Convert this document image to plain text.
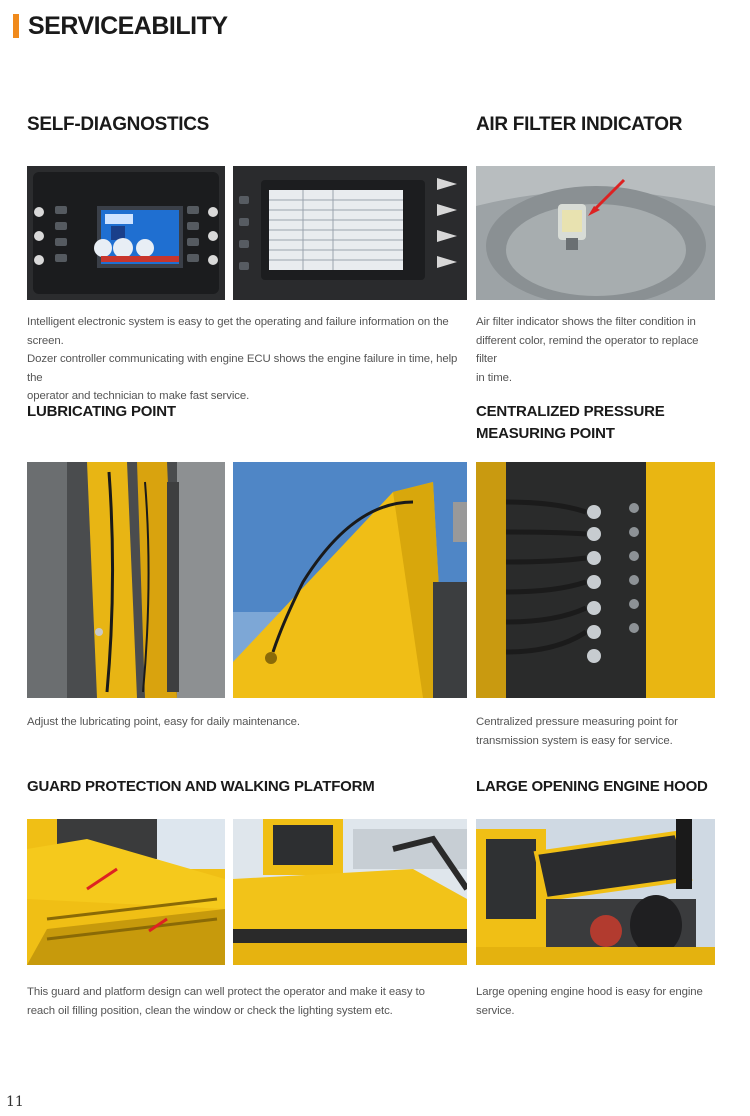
SERVICEABILITY
SELF-DIAGNOSTICS
Intelligent electronic system is easy to get the operating and failure information on the screen.
Dozer controller communicating with engine ECU shows the engine failure in time, help the
operator and technician to make fast service.
AIR FILTER INDICATOR
Air filter indicator shows the filter condition in
different color, remind the operator to replace filter
in time.
LUBRICATING POINT
Adjust the lubricating point, easy for daily maintenance.
CENTRALIZED PRESSURE
MEASURING POINT
Centralized pressure measuring point for
transmission system is easy for service.
GUARD PROTECTION AND WALKING PLATFORM
This guard and platform design can well protect the operator and make it easy to
reach oil filling position, clean the window or check the lighting system etc.
LARGE OPENING ENGINE HOOD
Large opening engine hood is easy for engine
service.
11
